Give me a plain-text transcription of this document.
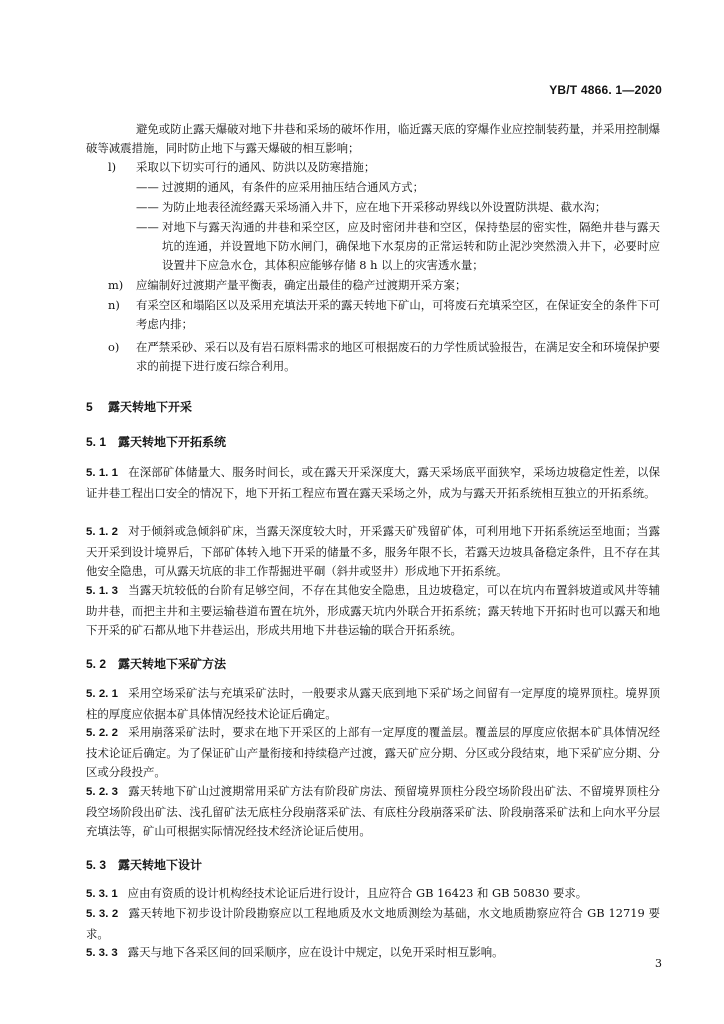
YB/T 4866. 1—2020
避免或防止露天爆破对地下井巷和采场的破坏作用，临近露天底的穿爆作业应控制装药量，并采用控制爆破等减震措施，同时防止地下与露天爆破的相互影响；
l) 采取以下切实可行的通风、防洪以及防寒措施；
—— 过渡期的通风，有条件的应采用抽压结合通风方式；
—— 为防止地表径流经露天采场涌入井下，应在地下开采移动界线以外设置防洪堤、截水沟；
—— 对地下与露天沟通的井巷和采空区，应及时密闭井巷和空区，保持垫层的密实性，隔绝井巷与露天坑的连通，并设置地下防水闸门，确保地下水泵房的正常运转和防止泥沙突然溃入井下，必要时应设置井下应急水仓，其体积应能够存储 8 h 以上的灾害透水量；
m) 应编制好过渡期产量平衡表，确定出最佳的稳产过渡期开采方案；
n) 有采空区和塌陷区以及采用充填法开采的露天转地下矿山，可将废石充填采空区，在保证安全的条件下可考虑内排；
o) 在严禁采砂、采石以及有岩石原料需求的地区可根据废石的力学性质试验报告，在满足安全和环境保护要求的前提下进行废石综合利用。
5 露天转地下开采
5. 1 露天转地下开拓系统
5. 1. 1 在深部矿体储量大、服务时间长，或在露天开采深度大，露天采场底平面狭窄，采场边坡稳定性差，以保证井巷工程出口安全的情况下，地下开拓工程应布置在露天采场之外，成为与露天开拓系统相互独立的开拓系统。
5. 1. 2 对于倾斜或急倾斜矿床，当露天深度较大时，开采露天矿残留矿体，可利用地下开拓系统运至地面；当露天开采到设计境界后，下部矿体转入地下开采的储量不多，服务年限不长，若露天边坡具备稳定条件，且不存在其他安全隐患，可从露天坑底的非工作帮掘进平硐（斜井或竖井）形成地下开拓系统。
5. 1. 3 当露天坑较低的台阶有足够空间，不存在其他安全隐患，且边坡稳定，可以在坑内布置斜坡道或风井等辅助井巷，而把主井和主要运输巷道布置在坑外，形成露天坑内外联合开拓系统；露天转地下开拓时也可以露天和地下开采的矿石都从地下井巷运出，形成共用地下井巷运输的联合开拓系统。
5. 2 露天转地下采矿方法
5. 2. 1 采用空场采矿法与充填采矿法时，一般要求从露天底到地下采矿场之间留有一定厚度的境界顶柱。境界顶柱的厚度应依据本矿具体情况经技术论证后确定。
5. 2. 2 采用崩落采矿法时，要求在地下开采区的上部有一定厚度的覆盖层。覆盖层的厚度应依据本矿具体情况经技术论证后确定。为了保证矿山产量衔接和持续稳产过渡，露天矿应分期、分区或分段结束，地下采矿应分期、分区或分段投产。
5. 2. 3 露天转地下矿山过渡期常用采矿方法有阶段矿房法、预留境界顶柱分段空场阶段出矿法、不留境界顶柱分段空场阶段出矿法、浅孔留矿法无底柱分段崩落采矿法、有底柱分段崩落采矿法、阶段崩落采矿法和上向水平分层充填法等，矿山可根据实际情况经技术经济论证后使用。
5. 3 露天转地下设计
5. 3. 1 应由有资质的设计机构经技术论证后进行设计，且应符合 GB 16423 和 GB 50830 要求。
5. 3. 2 露天转地下初步设计阶段勘察应以工程地质及水文地质测绘为基础，水文地质勘察应符合 GB 12719 要求。
5. 3. 3 露天与地下各采区间的回采顺序，应在设计中规定，以免开采时相互影响。
3
